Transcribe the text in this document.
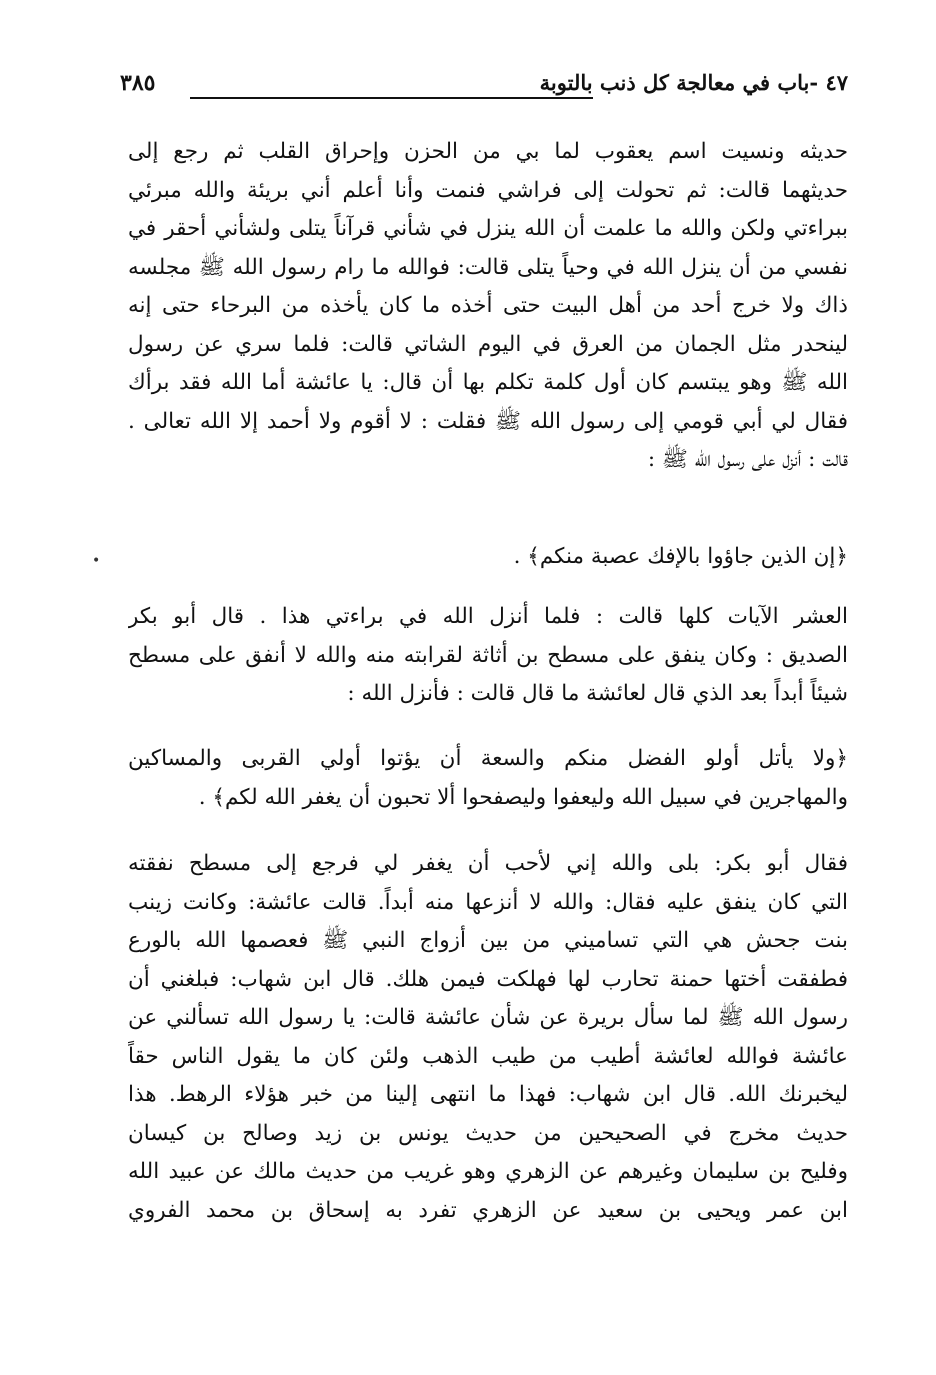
٤٧ -باب في معالجة كل ذنب بالتوبة
٣٨٥
حديثه ونسيت اسم يعقوب لما بي من الحزن وإحراق القلب ثم رجع إلى
حديثهما قالت: ثم تحولت إلى فراشي فنمت وأنا أعلم أني بريئة والله مبرئي
ببراءتي ولكن والله ما علمت أن الله ينزل في شأني قرآناً يتلى ولشأني أحقر في
نفسي من أن ينزل الله في وحياً يتلى قالت: فوالله ما رام رسول الله ﷺ مجلسه
ذاك ولا خرج أحد من أهل البيت حتى أخذه ما كان يأخذه من البرحاء حتى إنه
لينحدر مثل الجمان من العرق في اليوم الشاتي قالت: فلما سري عن رسول
الله ﷺ وهو يبتسم كان أول كلمة تكلم بها أن قال: يا عائشة أما الله فقد برأك
فقال لي أبي قومي إلى رسول الله ﷺ فقلت : لا أقوم ولا أحمد إلا الله تعالى .
قالت : أنزل على رسول الله ﷺ :
﴿إن الذين جاؤوا بالإفك عصبة منكم﴾ .
•
العشر الآيات كلها قالت : فلما أنزل الله في براءتي هذا . قال أبو بكر
الصديق : وكان ينفق على مسطح بن أثاثة لقرابته منه والله لا أنفق على مسطح
شيئاً أبداً بعد الذي قال لعائشة ما قال قالت : فأنزل الله :
﴿ولا يأتل أولو الفضل منكم والسعة أن يؤتوا أولي القربى والمساكين
والمهاجرين في سبيل الله وليعفوا وليصفحوا ألا تحبون أن يغفر الله لكم﴾ .
فقال أبو بكر: بلى والله إني لأحب أن يغفر لي فرجع إلى مسطح نفقته
التي كان ينفق عليه فقال: والله لا أنزعها منه أبداً. قالت عائشة: وكانت زينب
بنت جحش هي التي تساميني من بين أزواج النبي ﷺ فعصمها الله بالورع
فطفقت أختها حمنة تحارب لها فهلكت فيمن هلك. قال ابن شهاب: فبلغني أن
رسول الله ﷺ لما سأل بريرة عن شأن عائشة قالت: يا رسول الله تسألني عن
عائشة فوالله لعائشة أطيب من طيب الذهب ولئن كان ما يقول الناس حقاً
ليخبرنك الله. قال ابن شهاب: فهذا ما انتهى إلينا من خبر هؤلاء الرهط. هذا
حديث مخرج في الصحيحين من حديث يونس بن زيد وصالح بن كيسان
وفليح بن سليمان وغيرهم عن الزهري وهو غريب من حديث مالك عن عبيد الله
ابن عمر ويحيى بن سعيد عن الزهري تفرد به إسحاق بن محمد الفروي
